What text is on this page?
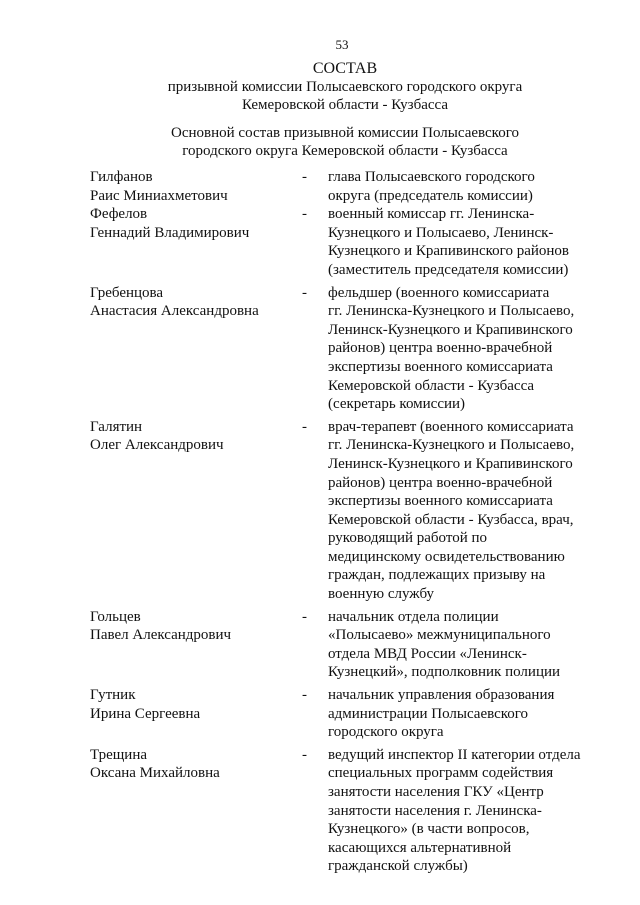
53
СОСТАВ
призывной комиссии Полысаевского городского округа
Кемеровской области - Кузбасса
Основной состав призывной комиссии Полысаевского
городского округа Кемеровской области - Кузбасса
Гилфанов
Раис Миниахметович
-	глава Полысаевского городского
округа (председатель комиссии)
Фефелов
Геннадий Владимирович
-	военный комиссар гг. Ленинска-
Кузнецкого и Полысаево, Ленинск-
Кузнецкого и Крапивинского районов
(заместитель председателя комиссии)
Гребенцова
Анастасия Александровна
-	фельдшер (военного комиссариата
гг. Ленинска-Кузнецкого и Полысаево,
Ленинск-Кузнецкого и Крапивинского
районов) центра военно-врачебной
экспертизы военного комиссариата
Кемеровской области - Кузбасса
(секретарь комиссии)
Галятин
Олег Александрович
-	врач-терапевт (военного комиссариата
гг. Ленинска-Кузнецкого и Полысаево,
Ленинск-Кузнецкого и Крапивинского
районов) центра военно-врачебной
экспертизы военного комиссариата
Кемеровской области - Кузбасса, врач,
руководящий работой по
медицинскому освидетельствованию
граждан, подлежащих призыву на
военную службу
Гольцев
Павел Александрович
-	начальник отдела полиции
«Полысаево» межмуниципального
отдела МВД России «Ленинск-
Кузнецкий», подполковник полиции
Гутник
Ирина Сергеевна
-	начальник управления образования
администрации Полысаевского
городского округа
Трещина
Оксана Михайловна
-	ведущий инспектор II категории отдела
специальных программ содействия
занятости населения ГКУ «Центр
занятости населения г. Ленинска-
Кузнецкого» (в части вопросов,
касающихся альтернативной
гражданской службы)
